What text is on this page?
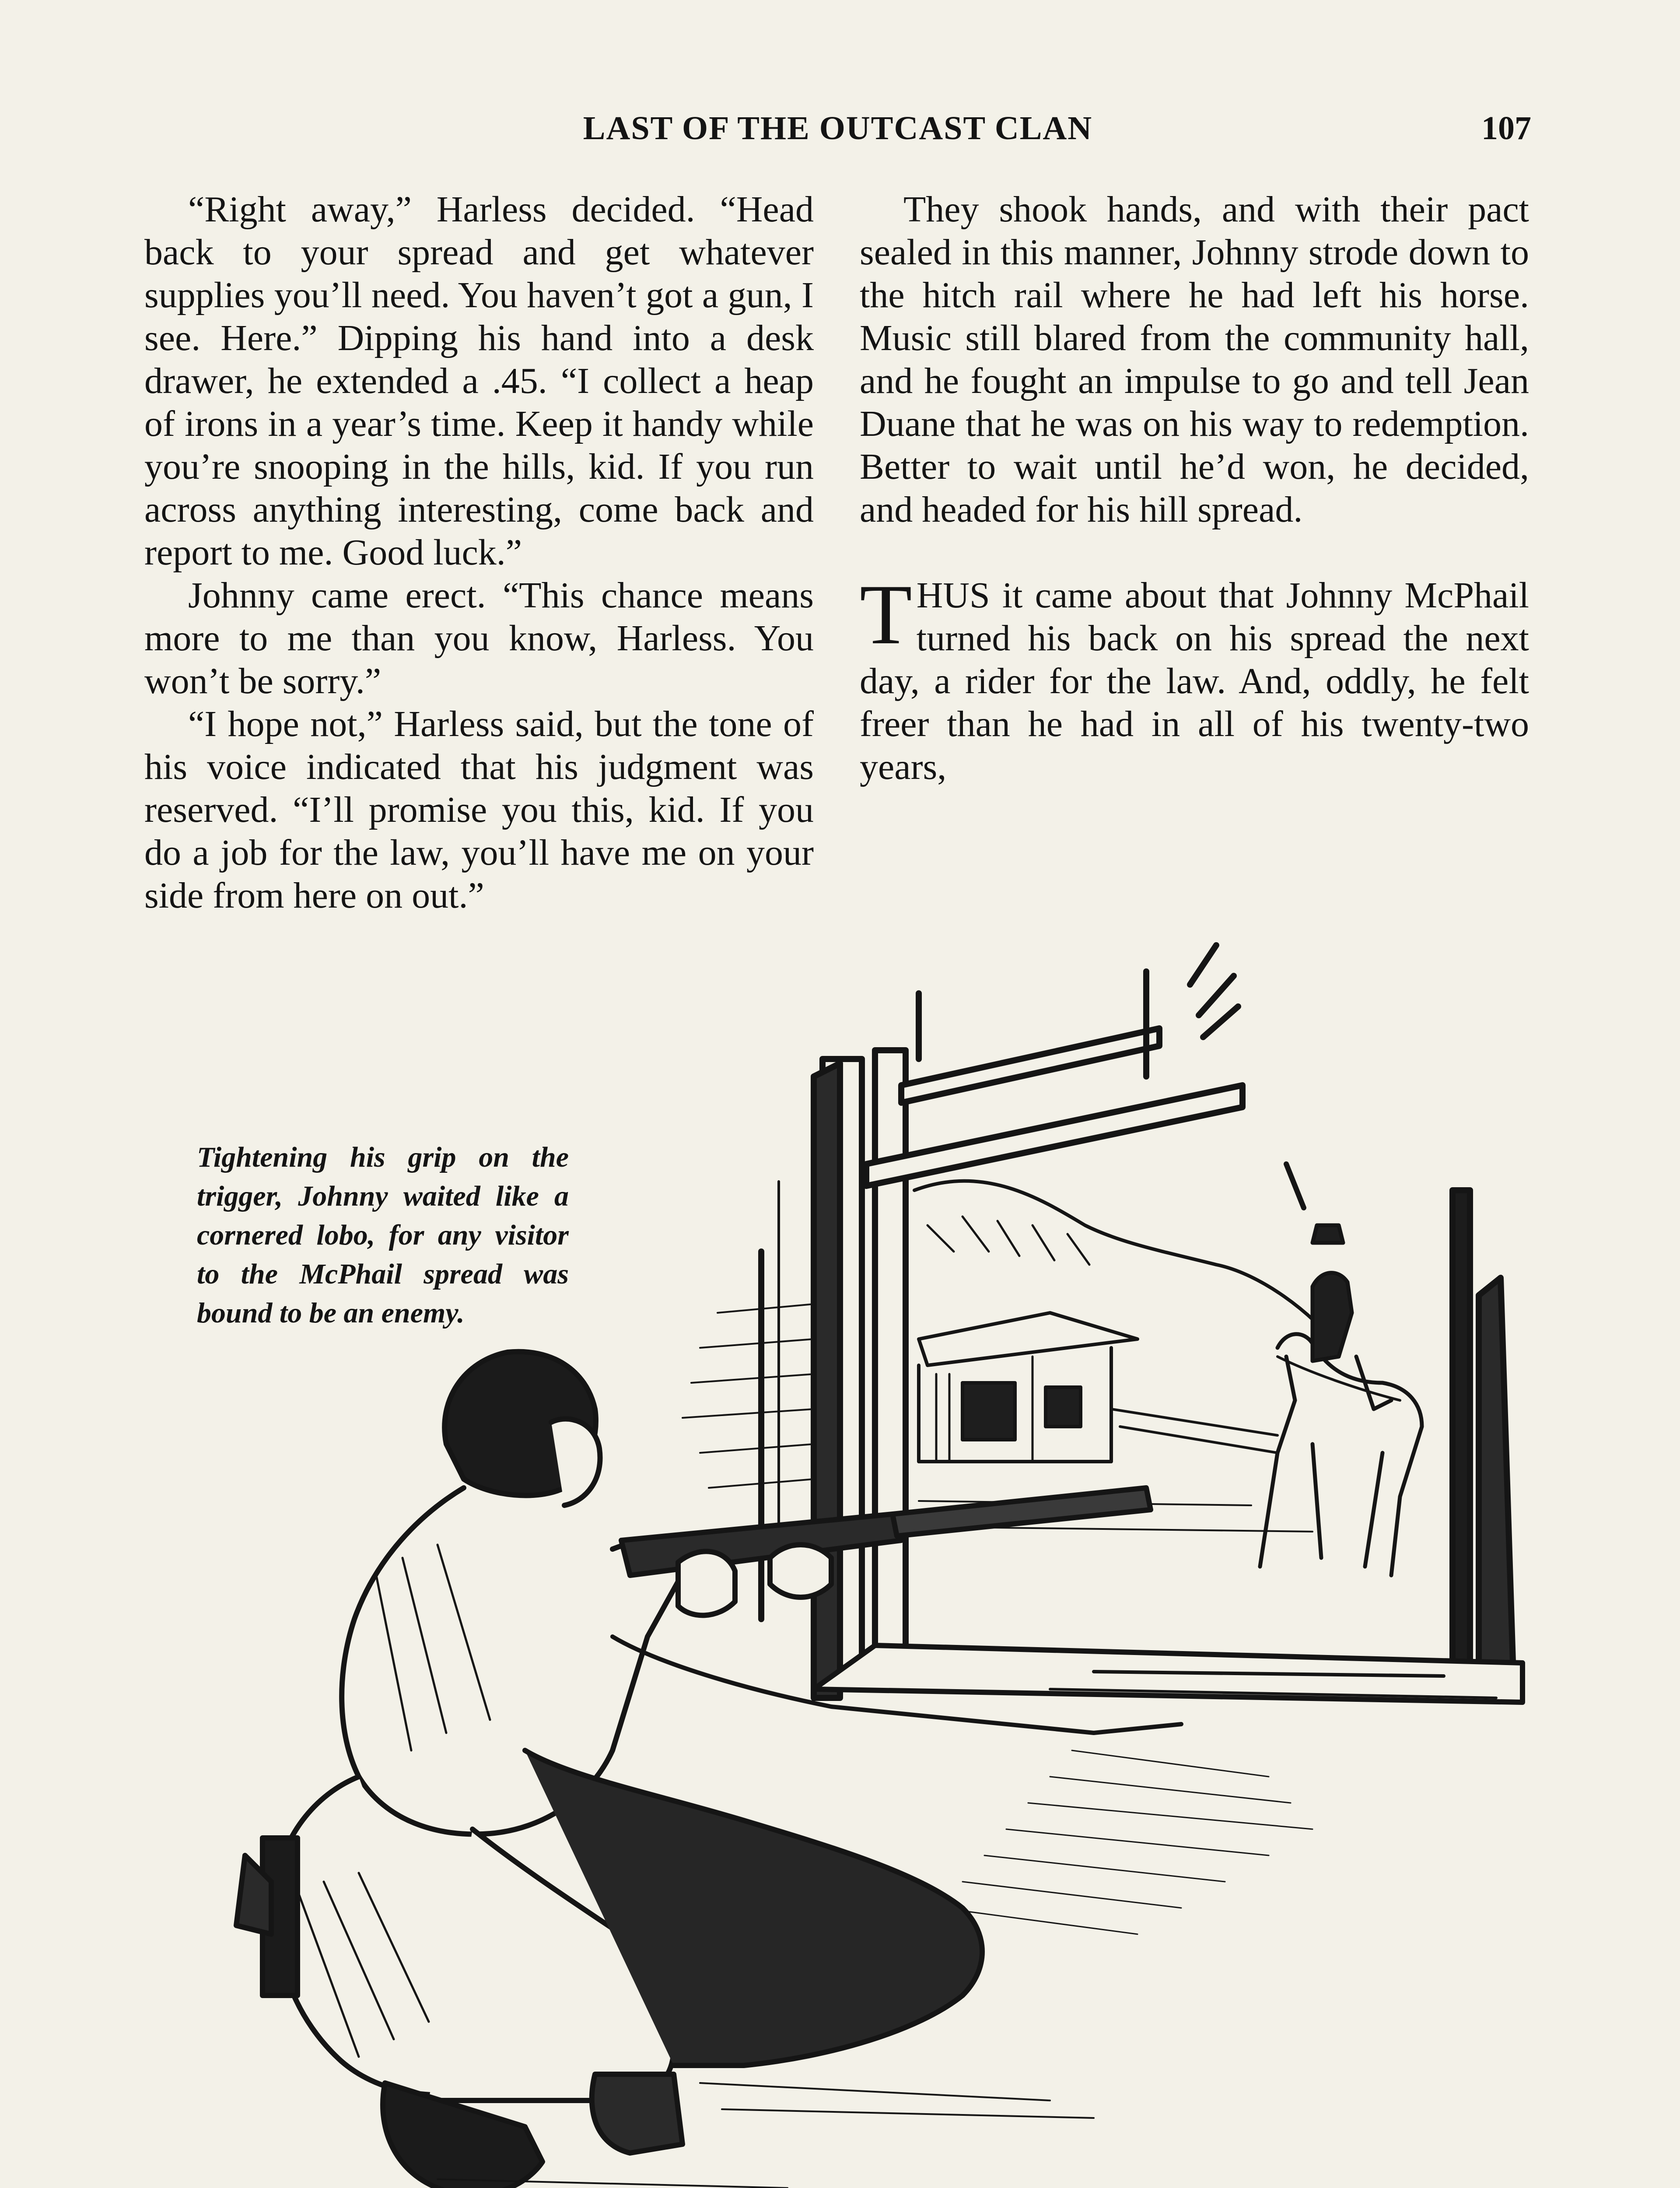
LAST OF THE OUTCAST CLAN	107

“Right away,” Harless decided. “Head back to your spread and get whatever supplies you’ll need. You haven’t got a gun, I see. Here.” Dipping his hand into a desk drawer, he extended a .45. “I collect a heap of irons in a year’s time. Keep it handy while you’re snooping in the hills, kid. If you run across anything interesting, come back and report to me. Good luck.”

Johnny came erect. “This chance means more to me than you know, Harless. You won’t be sorry.”

“I hope not,” Harless said, but the tone of his voice indicated that his judgment was reserved. “I’ll promise you this, kid. If you do a job for the law, you’ll have me on your side from here on out.”

They shook hands, and with their pact sealed in this manner, Johnny strode down to the hitch rail where he had left his horse. Music still blared from the community hall, and he fought an impulse to go and tell Jean Duane that he was on his way to redemption. Better to wait until he’d won, he decided, and headed for his hill spread.

THUS it came about that Johnny McPhail turned his back on his spread the next day, a rider for the law. And, oddly, he felt freer than he had in all of his twenty-two years,

Tightening his grip on the trigger, Johnny waited like a cornered lobo, for any visitor to the McPhail spread was bound to be an enemy.
